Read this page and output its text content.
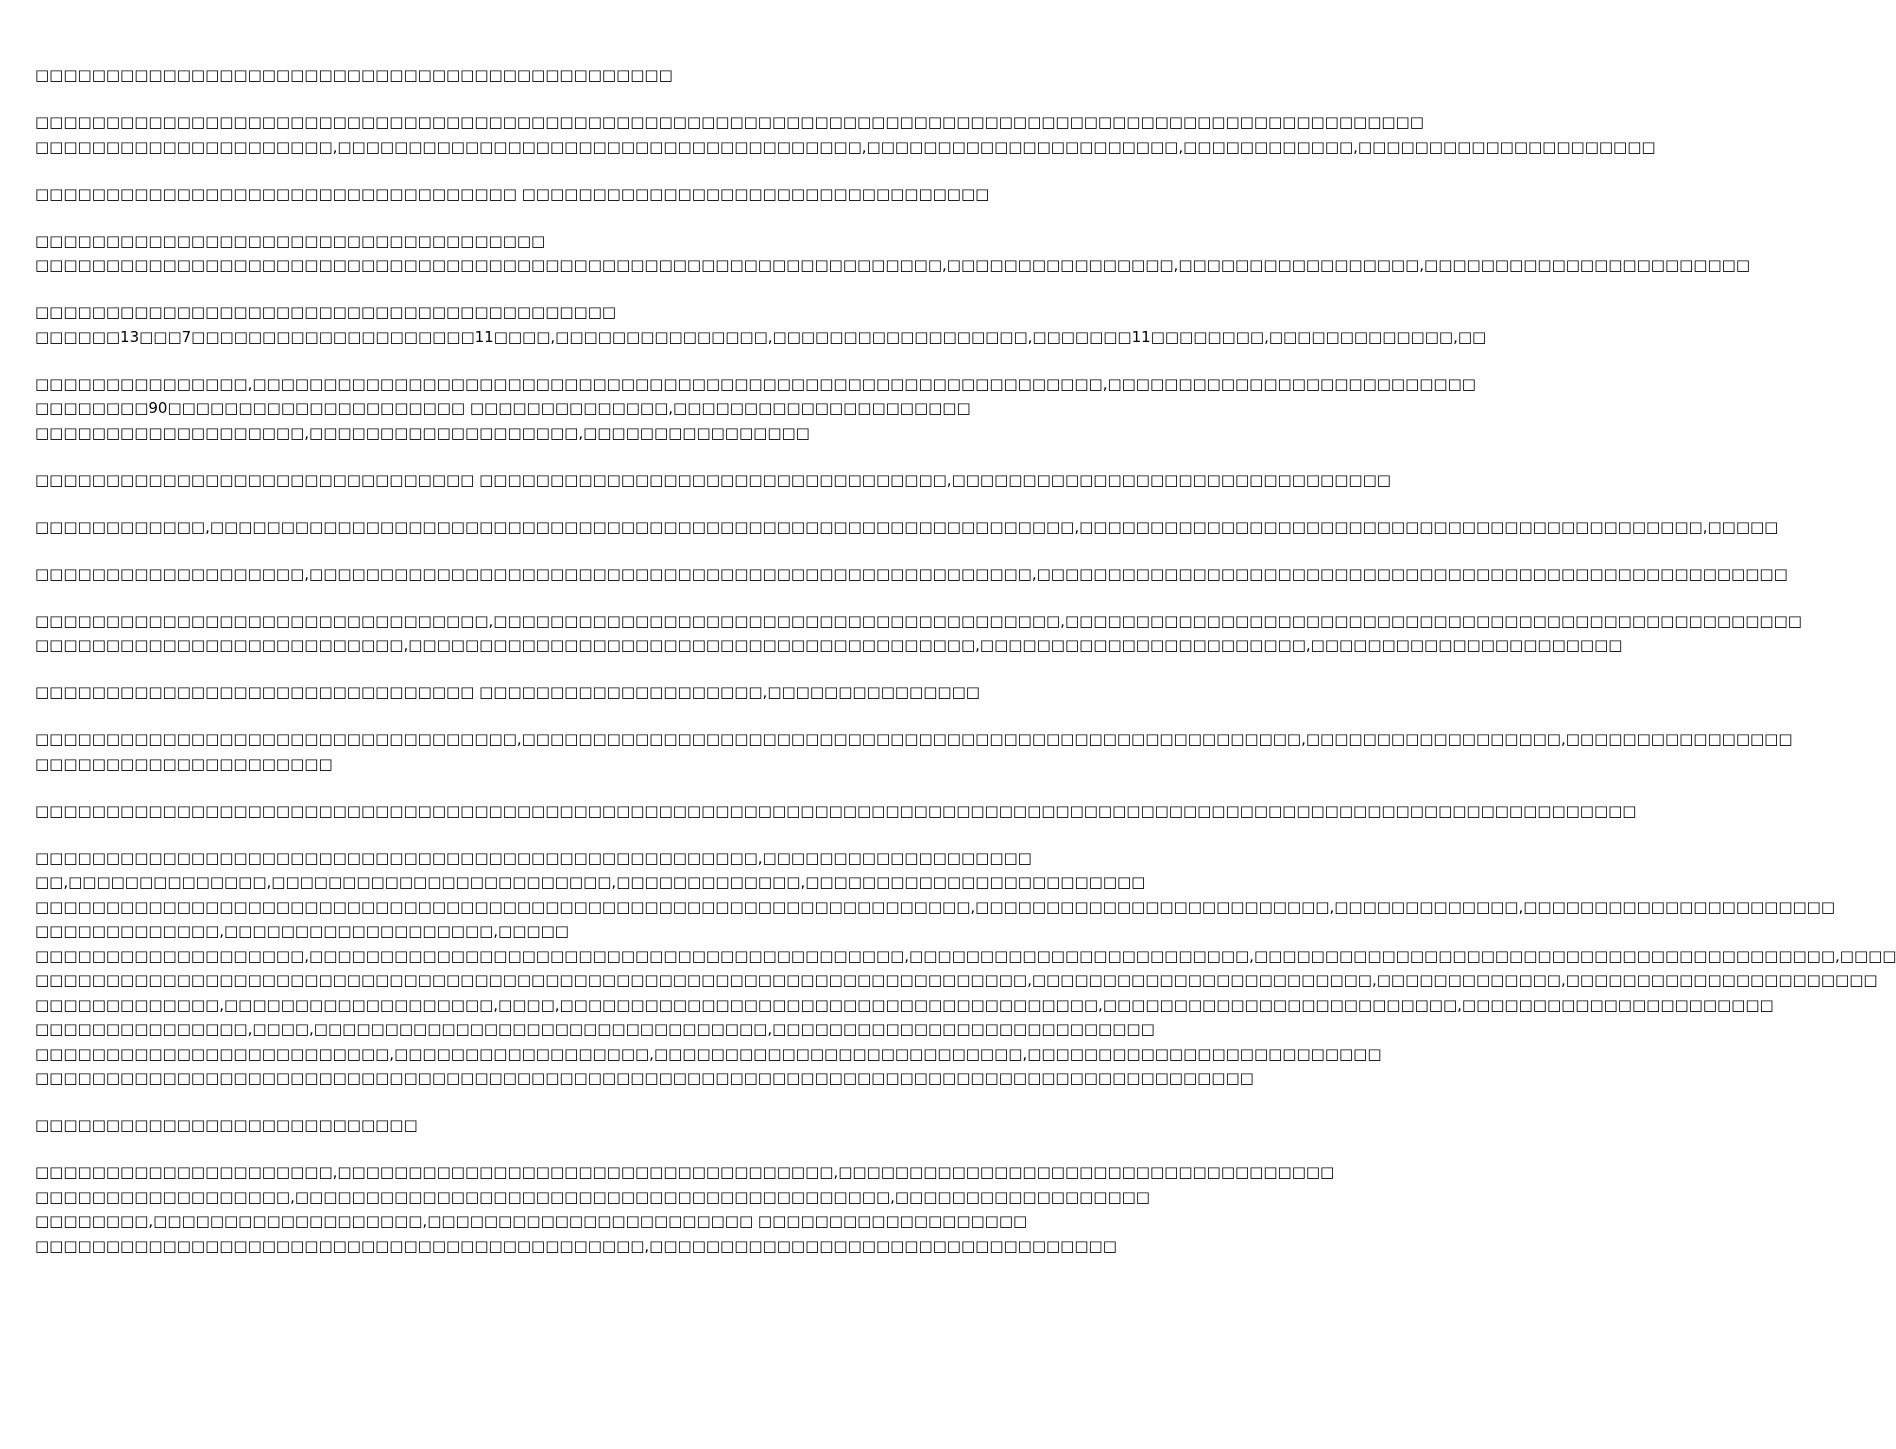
□□□□□□□□□□□□□□□□□□□□□□□□□□□□□□□□□□□□□□□□□□□□□
□□□□□□□□□□□□□□□□□□□□□□□□□□□□□□□□□□□□□□□□□□□□□□□□□□□□□□□□□□□□□□□□□□□□□□□□□□□□□□□□□□□□□□□□□□□□□□□□□□
□□□□□□□□□□□□□□□□□□□□□,□□□□□□□□□□□□□□□□□□□□□□□□□□□□□□□□□□□□□,□□□□□□□□□□□□□□□□□□□□□□,□□□□□□□□□□□□,□□□□□□□□□□□□□□□□□□□□□
□□□□□□□□□□□□□□□□□□□□□□□□□□□□□□□□□□ □□□□□□□□□□□□□□□□□□□□□□□□□□□□□□□□□
□□□□□□□□□□□□□□□□□□□□□□□□□□□□□□□□□□□□
□□□□□□□□□□□□□□□□□□□□□□□□□□□□□□□□□□□□□□□□□□□□□□□□□□□□□□□□□□□□□□□□,□□□□□□□□□□□□□□□□,□□□□□□□□□□□□□□□□□,□□□□□□□□□□□□□□□□□□□□□□□
□□□□□□□□□□□□□□□□□□□□□□□□□□□□□□□□□□□□□□□□□
□□□□□□13□□□7□□□□□□□□□□□□□□□□□□□□11□□□□,□□□□□□□□□□□□□□□,□□□□□□□□□□□□□□□□□□,□□□□□□□11□□□□□□□□,□□□□□□□□□□□□□,□□
□□□□□□□□□□□□□□□,□□□□□□□□□□□□□□□□□□□□□□□□□□□□□□□□□□□□□□□□□□□□□□□□□□□□□□□□□□□□,□□□□□□□□□□□□□□□□□□□□□□□□□□
□□□□□□□□90□□□□□□□□□□□□□□□□□□□□□ □□□□□□□□□□□□□□,□□□□□□□□□□□□□□□□□□□□□
□□□□□□□□□□□□□□□□□□□,□□□□□□□□□□□□□□□□□□□,□□□□□□□□□□□□□□□□
□□□□□□□□□□□□□□□□□□□□□□□□□□□□□□□ □□□□□□□□□□□□□□□□□□□□□□□□□□□□□□□□□,□□□□□□□□□□□□□□□□□□□□□□□□□□□□□□□
□□□□□□□□□□□□,□□□□□□□□□□□□□□□□□□□□□□□□□□□□□□□□□□□□□□□□□□□□□□□□□□□□□□□□□□□□□,□□□□□□□□□□□□□□□□□□□□□□□□□□□□□□□□□□□□□□□□□□□□,□□□□□
□□□□□□□□□□□□□□□□□□□,□□□□□□□□□□□□□□□□□□□□□□□□□□□□□□□□□□□□□□□□□□□□□□□□□□□,□□□□□□□□□□□□□□□□□□□□□□□□□□□□□□□□□□□□□□□□□□□□□□□□□□□□□
□□□□□□□□□□□□□□□□□□□□□□□□□□□□□□□□,□□□□□□□□□□□□□□□□□□□□□□□□□□□□□□□□□□□□□□□□,□□□□□□□□□□□□□□□□□□□□□□□□□□□□□□□□□□□□□□□□□□□□□□□□□□□□
□□□□□□□□□□□□□□□□□□□□□□□□□□,□□□□□□□□□□□□□□□□□□□□□□□□□□□□□□□□□□□□□□□□,□□□□□□□□□□□□□□□□□□□□□□□,□□□□□□□□□□□□□□□□□□□□□□
□□□□□□□□□□□□□□□□□□□□□□□□□□□□□□□ □□□□□□□□□□□□□□□□□□□□,□□□□□□□□□□□□□□□
□□□□□□□□□□□□□□□□□□□□□□□□□□□□□□□□□□,□□□□□□□□□□□□□□□□□□□□□□□□□□□□□□□□□□□□□□□□□□□□□□□□□□□□□□□,□□□□□□□□□□□□□□□□□□,□□□□□□□□□□□□□□□□
□□□□□□□□□□□□□□□□□□□□□
□□□□□□□□□□□□□□□□□□□□□□□□□□□□□□□□□□□□□□□□□□□□□□□□□□□□□□□□□□□□□□□□□□□□□□□□□□□□□□□□□□□□□□□□□□□□□□□□□□□□□□□□□□□□□□□□□
□□□□□□□□□□□□□□□□□□□□□□□□□□□□□□□□□□□□□□□□□□□□□□□□□□□,□□□□□□□□□□□□□□□□□□□
□□,□□□□□□□□□□□□□□,□□□□□□□□□□□□□□□□□□□□□□□□,□□□□□□□□□□□□□,□□□□□□□□□□□□□□□□□□□□□□□□
□□□□□□□□□□□□□□□□□□□□□□□□□□□□□□□□□□□□□□□□□□□□□□□□□□□□□□□□□□□□□□□□□□,□□□□□□□□□□□□□□□□□□□□□□□□□,□□□□□□□□□□□□□,□□□□□□□□□□□□□□□□□□□□□□
□□□□□□□□□□□□□,□□□□□□□□□□□□□□□□□□□,□□□□□
□□□□□□□□□□□□□□□□□□□,□□□□□□□□□□□□□□□□□□□□□□□□□□□□□□□□□□□□□□□□□□,□□□□□□□□□□□□□□□□□□□□□□□□,□□□□□□□□□□□□□□□□□□□□□□□□□□□□□□□□□□□□□□□□□,□□□□
□□□□□□□□□□□□□□□□□□□□□□□□□□□□□□□□□□□□□□□□□□□□□□□□□□□□□□□□□□□□□□□□□□□□□□,□□□□□□□□□□□□□□□□□□□□□□□□,□□□□□□□□□□□□□,□□□□□□□□□□□□□□□□□□□□□□
□□□□□□□□□□□□□,□□□□□□□□□□□□□□□□□□□,□□□□,□□□□□□□□□□□□□□□□□□□□□□□□□□□□□□□□□□□□□□,□□□□□□□□□□□□□□□□□□□□□□□□□,□□□□□□□□□□□□□□□□□□□□□□
□□□□□□□□□□□□□□□,□□□□,□□□□□□□□□□□□□□□□□□□□□□□□□□□□□□□□,□□□□□□□□□□□□□□□□□□□□□□□□□□□
□□□□□□□□□□□□□□□□□□□□□□□□□,□□□□□□□□□□□□□□□□□□,□□□□□□□□□□□□□□□□□□□□□□□□□□,□□□□□□□□□□□□□□□□□□□□□□□□□
□□□□□□□□□□□□□□□□□□□□□□□□□□□□□□□□□□□□□□□□□□□□□□□□□□□□□□□□□□□□□□□□□□□□□□□□□□□□□□□□□□□□□□
□□□□□□□□□□□□□□□□□□□□□□□□□□□
□□□□□□□□□□□□□□□□□□□□□,□□□□□□□□□□□□□□□□□□□□□□□□□□□□□□□□□□□,□□□□□□□□□□□□□□□□□□□□□□□□□□□□□□□□□□□
□□□□□□□□□□□□□□□□□□,□□□□□□□□□□□□□□□□□□□□□□□□□□□□□□□□□□□□□□□□□□,□□□□□□□□□□□□□□□□□□
□□□□□□□□,□□□□□□□□□□□□□□□□□□□,□□□□□□□□□□□□□□□□□□□□□□□ □□□□□□□□□□□□□□□□□□□
□□□□□□□□□□□□□□□□□□□□□□□□□□□□□□□□□□□□□□□□□□□,□□□□□□□□□□□□□□□□□□□□□□□□□□□□□□□□□
